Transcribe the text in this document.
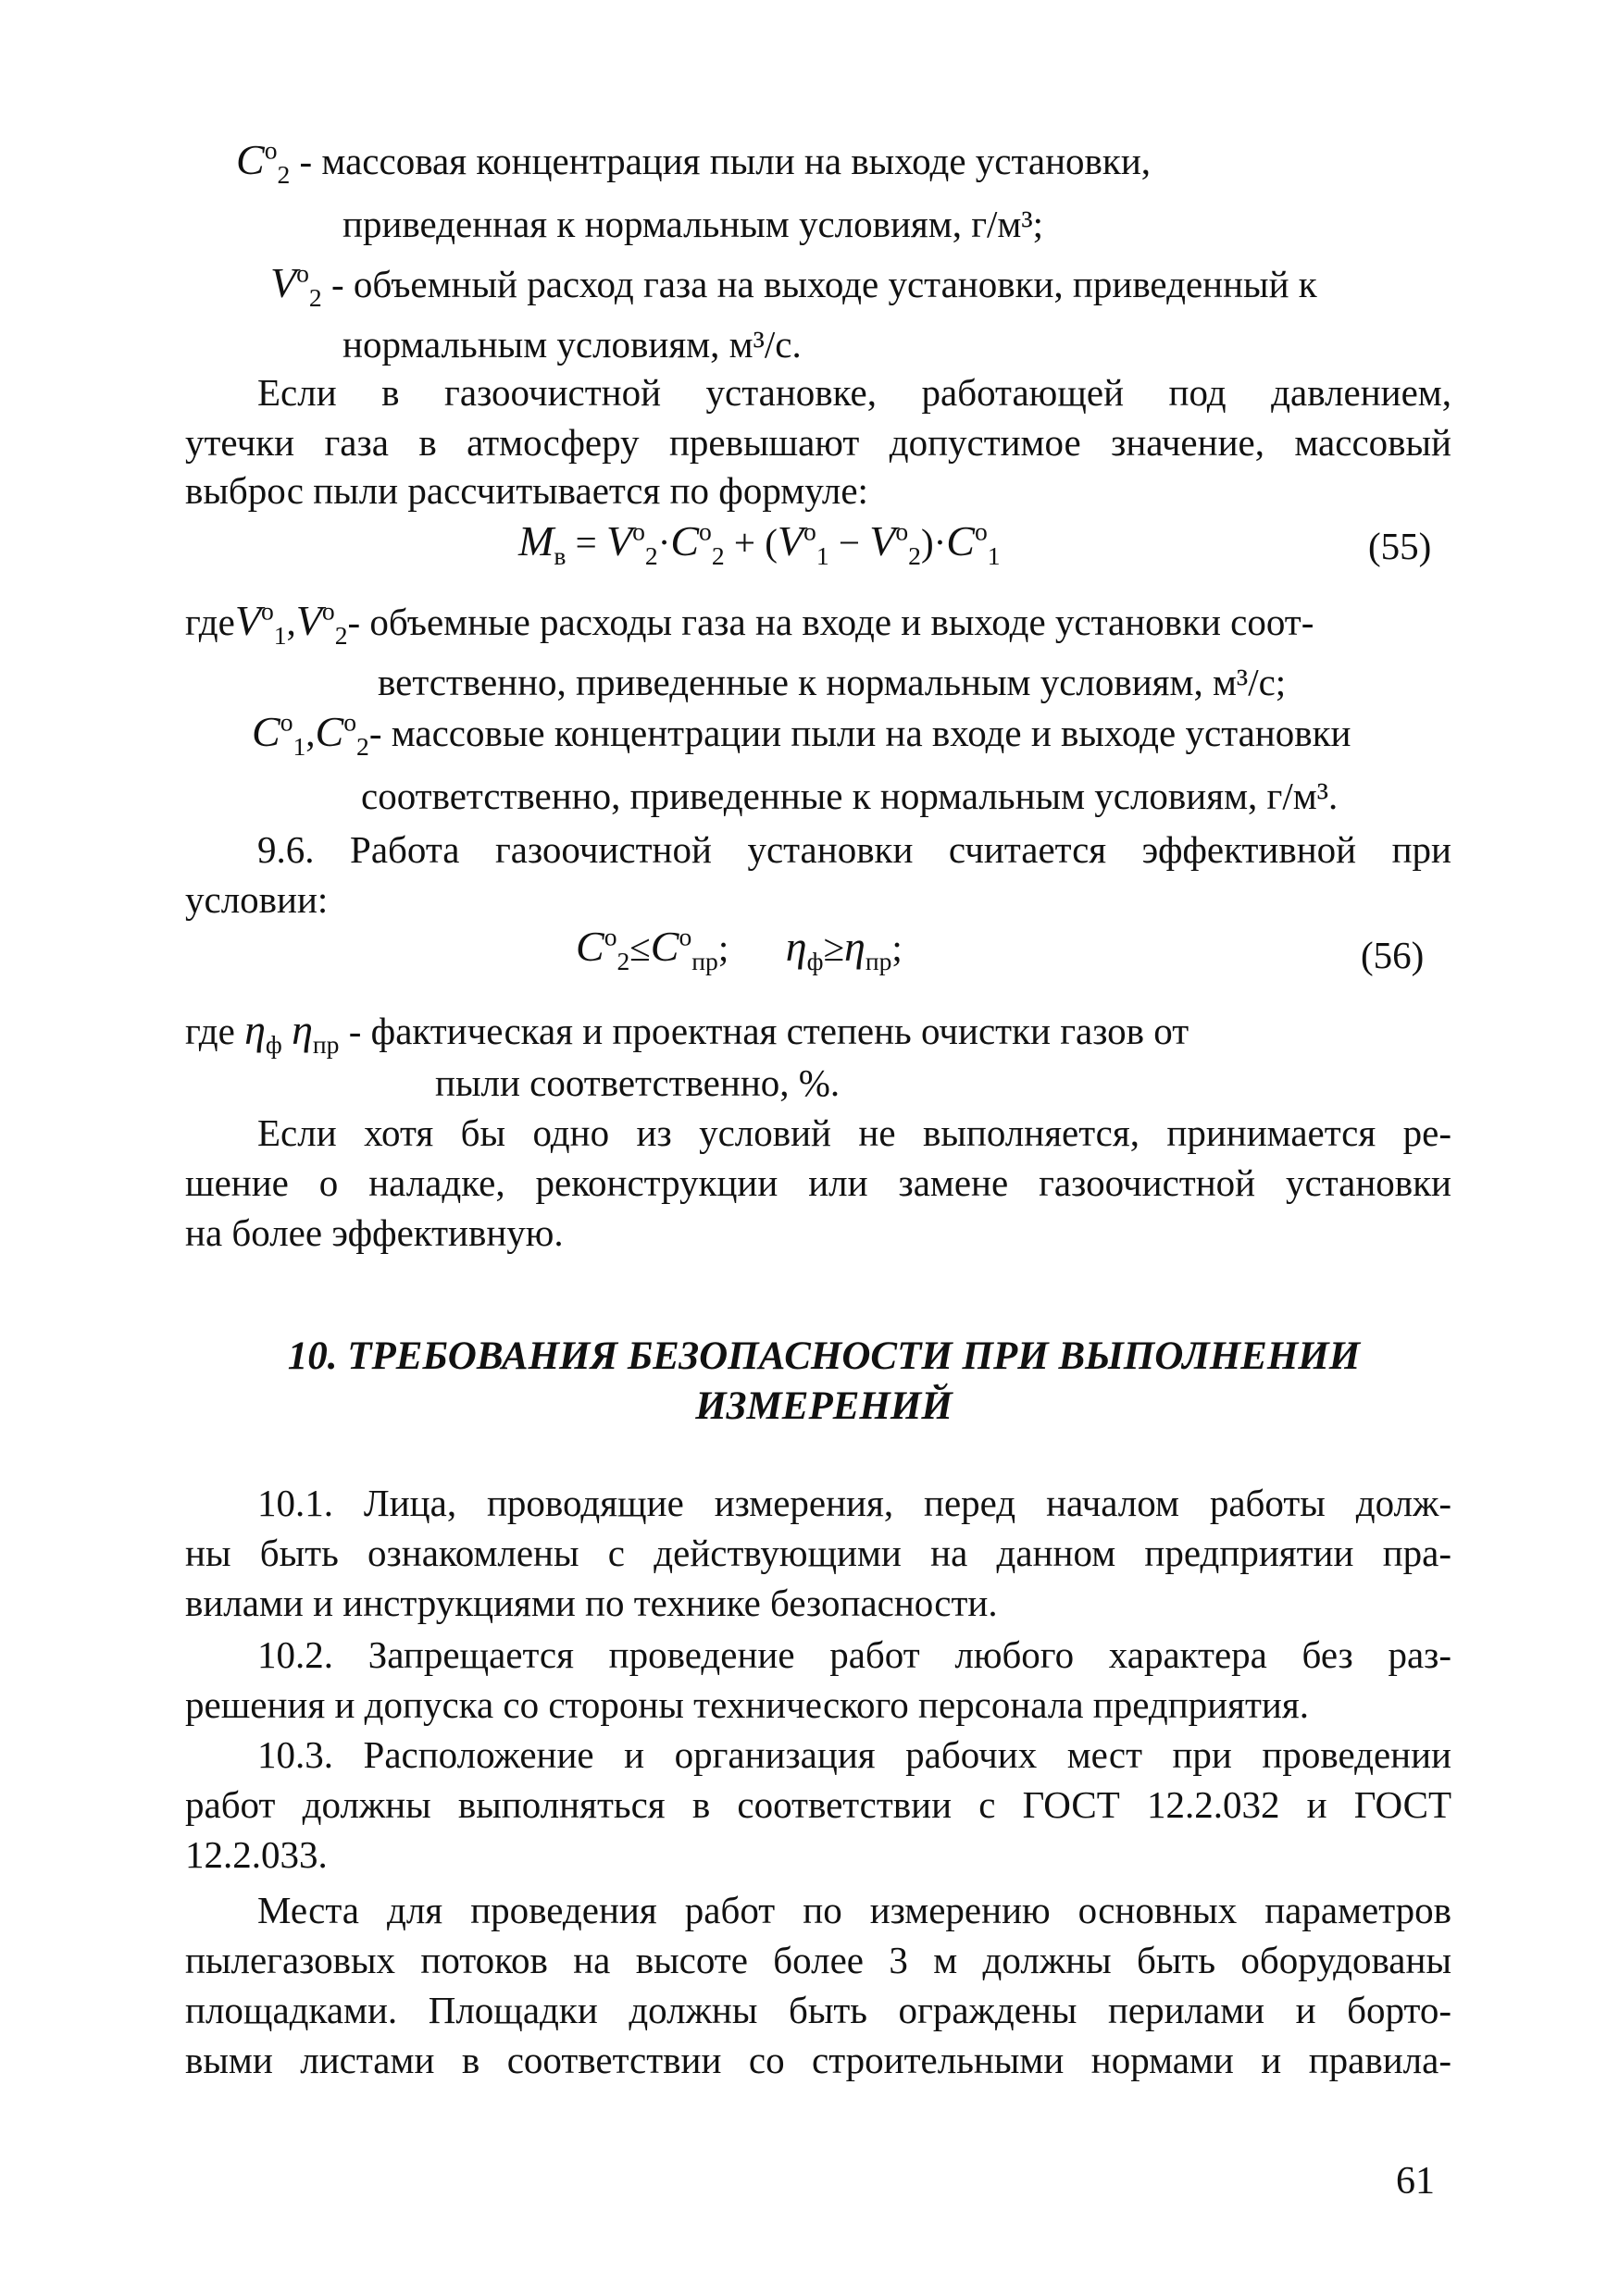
$C^o_2$ - массовая концентрация пыли на выходе установки,
приведенная к нормальным условиям, г/м³;
$V^o_2$ - объемный расход газа на выходе установки, приведенный к
нормальным условиям, м³/с.
Если в газоочистной установке, работающей под давлением,
утечки газа в атмосферу превышают допустимое значение, массовый
выброс пыли рассчитывается по формуле:
$M_в = V^o_2\cdot C^o_2 + (V^o_1 - V^o_2)\cdot C^o_1$	(55)
$гдеV^o_1,V^o_2-$ объемные расходы газа на входе и выходе установки соот-
ветственно, приведенные к нормальным условиям, м³/с;
$C^o_1,C^o_2-$ массовые концентрации пыли на входе и выходе установки
соответственно, приведенные к нормальным условиям, г/м³.
9.6. Работа газоочистной установки считается эффективной при
условии:
$C^o_2\le C^o_{пр}$;      $\eta_ф\ge\eta_{пр}$;	(56)
где $\eta_ф$ $\eta_{пр}$ - фактическая и проектная степень очистки газов от
пыли соответственно, %.
Если хотя бы одно из условий не выполняется, принимается ре-
шение о наладке, реконструкции или замене газоочистной установки
на более эффективную.
10. ТРЕБОВАНИЯ БЕЗОПАСНОСТИ ПРИ ВЫПОЛНЕНИИ
ИЗМЕРЕНИЙ
10.1. Лица, проводящие измерения, перед началом работы долж-
ны быть ознакомлены с действующими на данном предприятии пра-
вилами и инструкциями по технике безопасности.
10.2. Запрещается проведение работ любого характера без раз-
решения и допуска со стороны технического персонала предприятия.
10.3. Расположение и организация рабочих мест при проведении
работ должны выполняться в соответствии с ГОСТ 12.2.032 и ГОСТ
12.2.033.
Места для проведения работ по измерению основных параметров
пылегазовых потоков на высоте более 3 м должны быть оборудованы
площадками. Площадки должны быть ограждены перилами и борто-
выми листами в соответствии со строительными нормами и правила-
61
